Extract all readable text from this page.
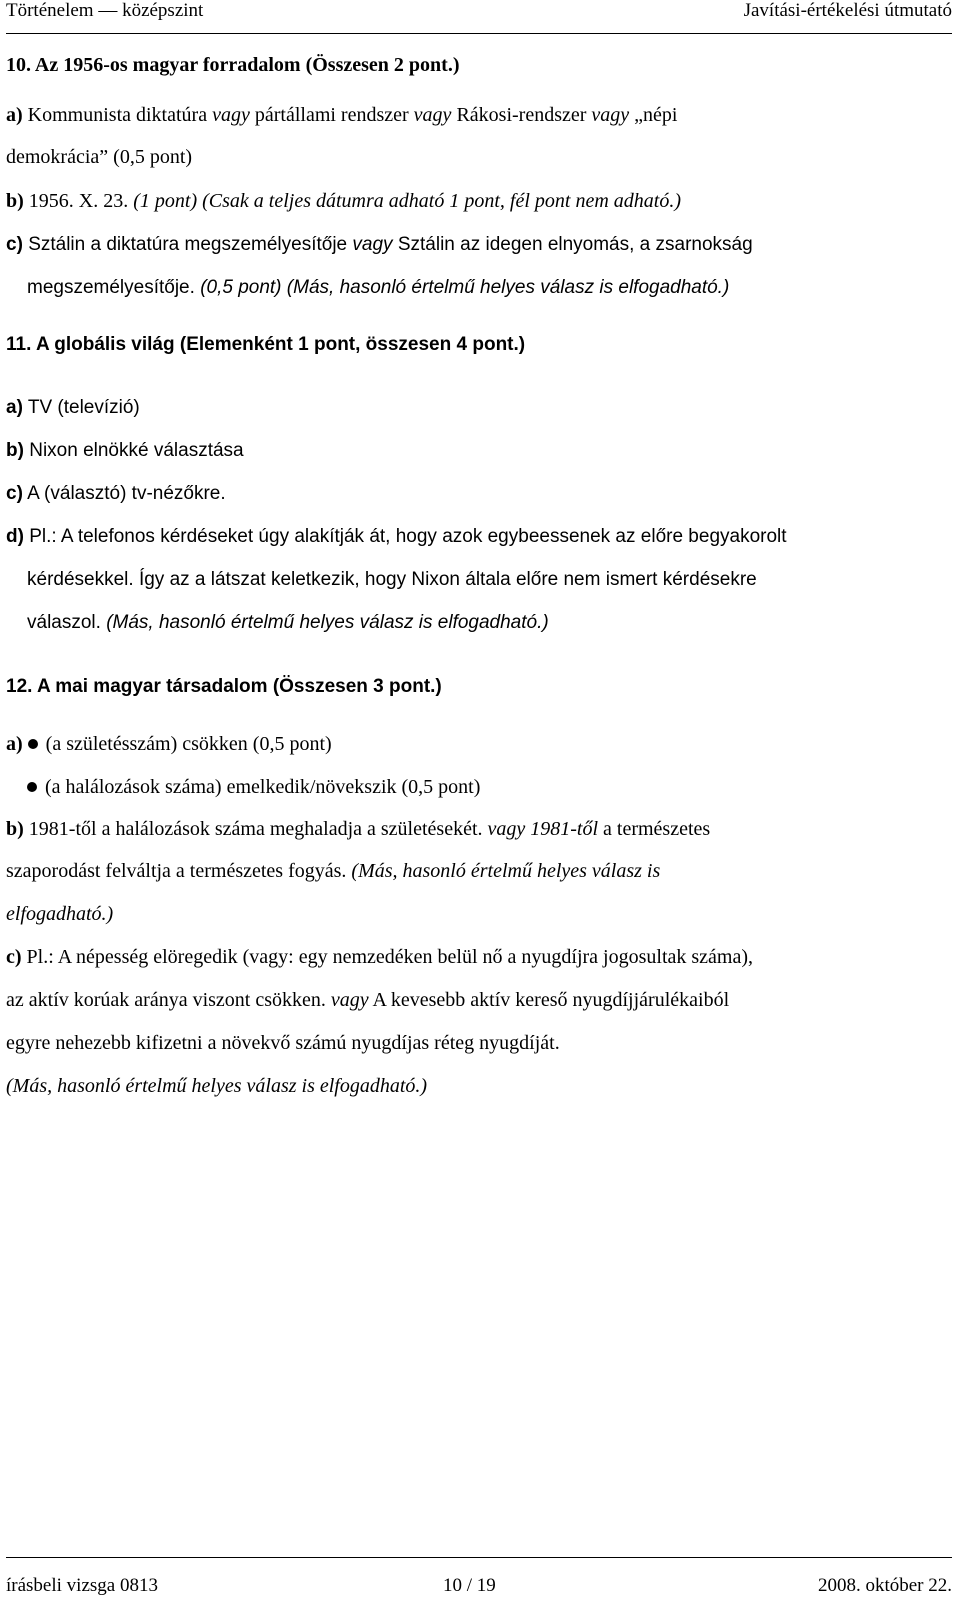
Történelem — középszint	Javítási-értékelési útmutató
10. Az 1956-os magyar forradalom (Összesen 2 pont.)
a) Kommunista diktatúra vagy pártállami rendszer vagy Rákosi-rendszer vagy „népi
demokrácia” (0,5 pont)
b) 1956. X. 23. (1 pont) (Csak a teljes dátumra adható 1 pont, fél pont nem adható.)
c) Sztálin a diktatúra megszemélyesítője vagy Sztálin az idegen elnyomás, a zsarnokság
megszemélyesítője. (0,5 pont) (Más, hasonló értelmű helyes válasz is elfogadható.)
11. A globális világ (Elemenként 1 pont, összesen 4 pont.)
a) TV (televízió)
b) Nixon elnökké választása
c) A (választó) tv-nézőkre.
d) Pl.: A telefonos kérdéseket úgy alakítják át, hogy azok egybeessenek az előre begyakorolt
kérdésekkel. Így az a látszat keletkezik, hogy Nixon általa előre nem ismert kérdésekre
válaszol. (Más, hasonló értelmű helyes válasz is elfogadható.)
12. A mai magyar társadalom (Összesen 3 pont.)
a) (a születésszám) csökken (0,5 pont)
(a halálozások száma) emelkedik/növekszik (0,5 pont)
b) 1981-től a halálozások száma meghaladja a születésekét. vagy 1981-től a természetes
szaporodást felváltja a természetes fogyás. (Más, hasonló értelmű helyes válasz is
elfogadható.)
c) Pl.: A népesség elöregedik (vagy: egy nemzedéken belül nő a nyugdíjra jogosultak száma),
az aktív korúak aránya viszont csökken. vagy A kevesebb aktív kereső nyugdíjjárulékaiból
egyre nehezebb kifizetni a növekvő számú nyugdíjas réteg nyugdíját.
(Más, hasonló értelmű helyes válasz is elfogadható.)
írásbeli vizsga 0813	10 / 19	2008. október 22.
